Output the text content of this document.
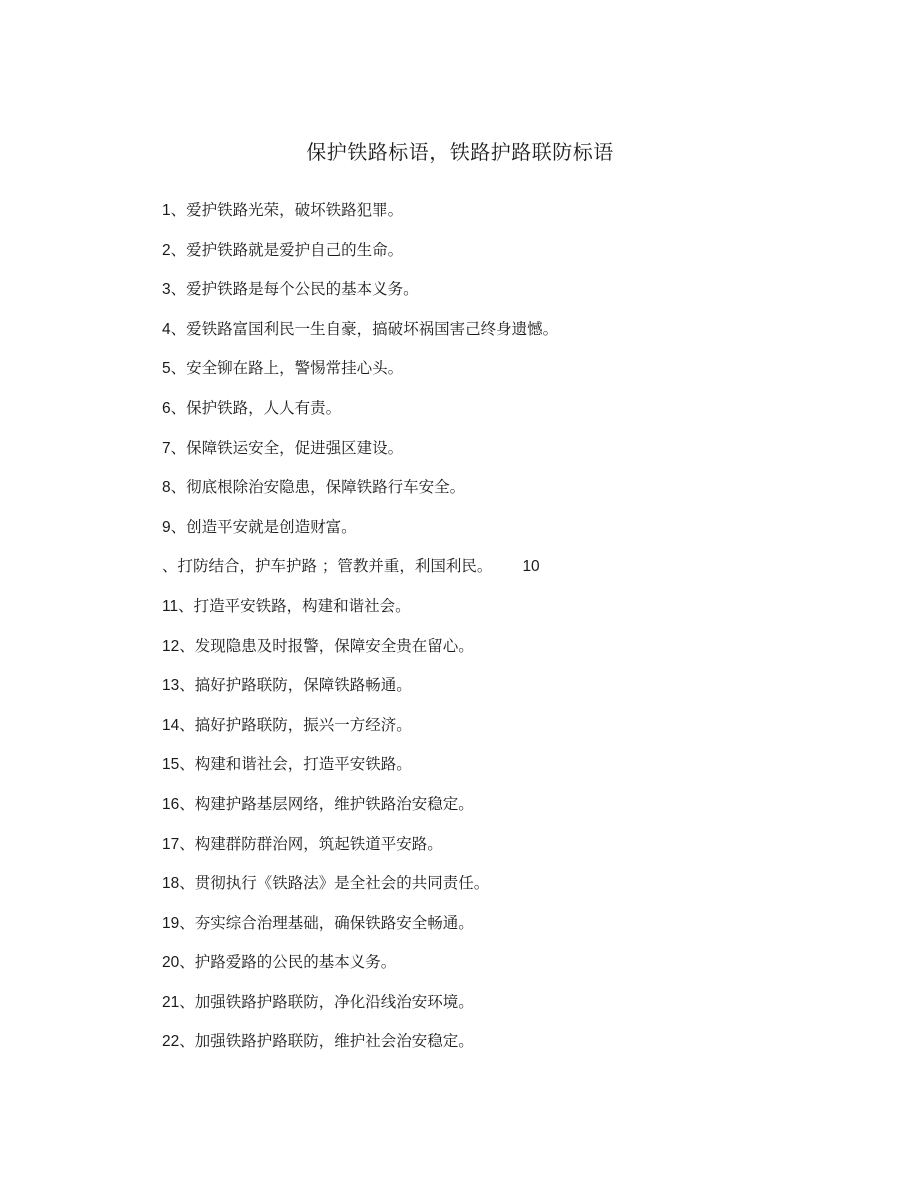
保护铁路标语，铁路护路联防标语
1、爱护铁路光荣，破坏铁路犯罪。
2、爱护铁路就是爱护自己的生命。
3、爱护铁路是每个公民的基本义务。
4、爱铁路富国利民一生自豪，搞破坏祸国害己终身遗憾。
5、安全铆在路上，警惕常挂心头。
6、保护铁路，人人有责。
7、保障铁运安全，促进强区建设。
8、彻底根除治安隐患，保障铁路行车安全。
9、创造平安就是创造财富。
、打防结合，护车护路 ；管教并重，利国利民。 10
11、打造平安铁路，构建和谐社会。
12、发现隐患及时报警，保障安全贵在留心。
13、搞好护路联防，保障铁路畅通。
14、搞好护路联防，振兴一方经济。
15、构建和谐社会，打造平安铁路。
16、构建护路基层网络，维护铁路治安稳定。
17、构建群防群治网，筑起铁道平安路。
18、贯彻执行《铁路法》是全社会的共同责任。
19、夯实综合治理基础，确保铁路安全畅通。
20、护路爱路的公民的基本义务。
21、加强铁路护路联防，净化沿线治安环境。
22、加强铁路护路联防，维护社会治安稳定。
